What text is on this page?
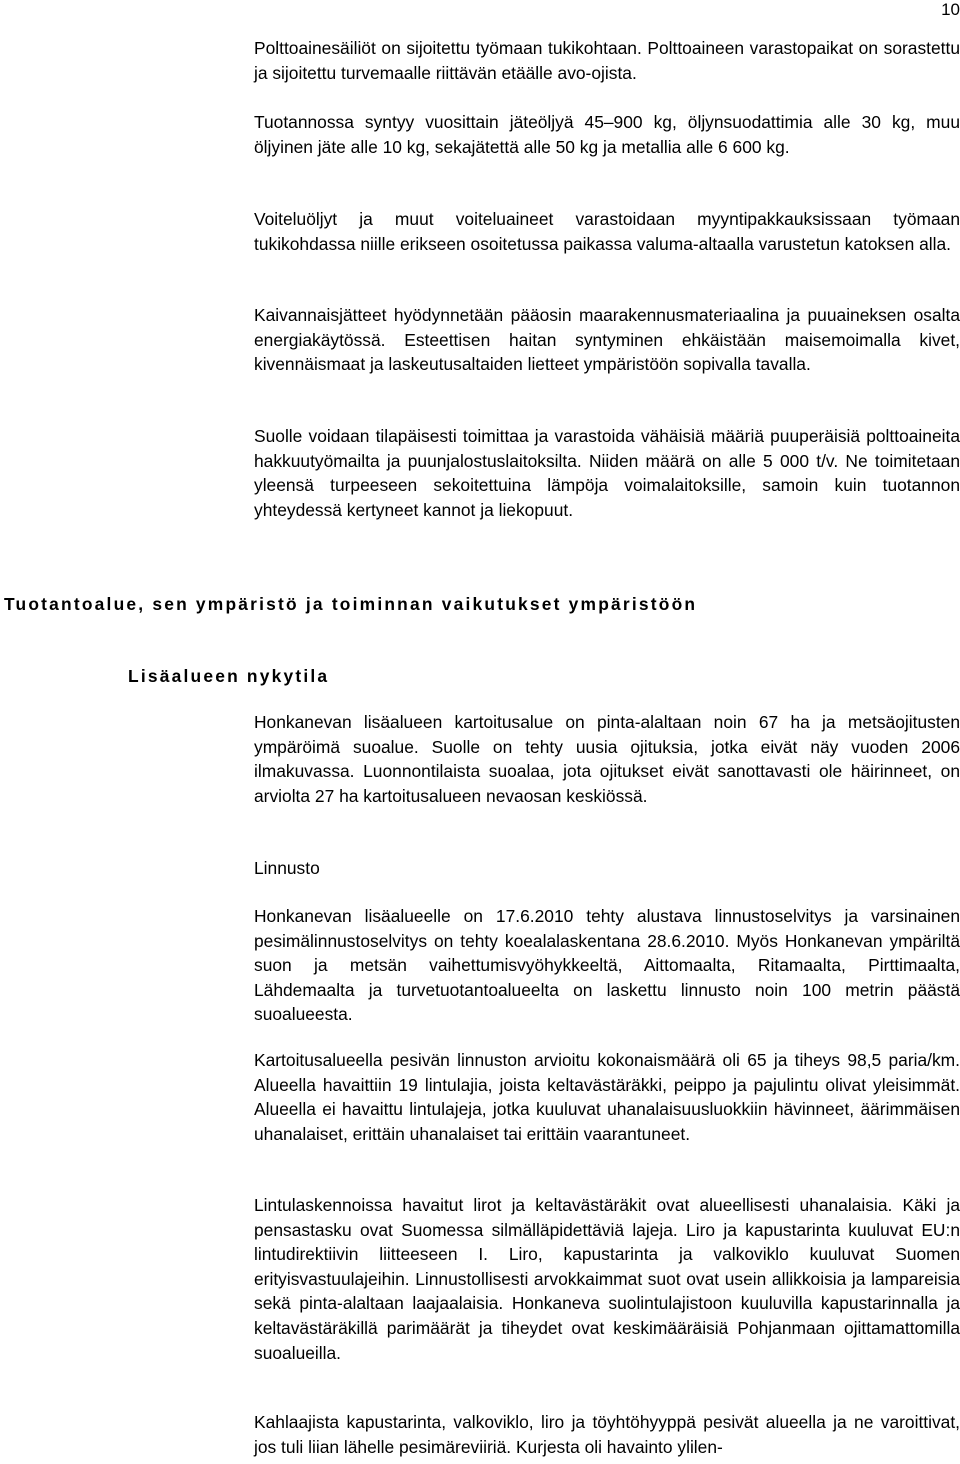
10

Polttoainesäiliöt on sijoitettu työmaan tukikohtaan. Polttoaineen varastopaikat on sorastettu ja sijoitettu turvemaalle riittävän etäälle avo-ojista.

Tuotannossa syntyy vuosittain jäteöljyä 45–900 kg, öljynsuodattimia alle 30 kg, muu öljyinen jäte alle 10 kg, sekajätettä alle 50 kg ja metallia alle 6 600 kg.

Voiteluöljyt ja muut voiteluaineet varastoidaan myyntipakkauksissaan työmaan tukikohdassa niille erikseen osoitetussa paikassa valuma-altaalla varustetun katoksen alla.

Kaivannaisjätteet hyödynnetään pääosin maarakennusmateriaalina ja puuaineksen osalta energiakäytössä. Esteettisen haitan syntyminen ehkäistään maisemoimalla kivet, kivennäismaat ja laskeutusaltaiden lietteet ympäristöön sopivalla tavalla.

Suolle voidaan tilapäisesti toimittaa ja varastoida vähäisiä määriä puuperäisiä polttoaineita hakkuutyömailta ja puunjalostuslaitoksilta. Niiden määrä on alle 5 000 t/v. Ne toimitetaan yleensä turpeeseen sekoitettuina lämpöja voimalaitoksille, samoin kuin tuotannon yhteydessä kertyneet kannot ja liekopuut.

Tuotantoalue, sen ympäristö ja toiminnan vaikutukset ympäristöön
Lisäalueen nykytila

Honkanevan lisäalueen kartoitusalue on pinta-alaltaan noin 67 ha ja metsäojitusten ympäröimä suoalue. Suolle on tehty uusia ojituksia, jotka eivät näy vuoden 2006 ilmakuvassa. Luonnontilaista suoalaa, jota ojitukset eivät sanottavasti ole häirinneet, on arviolta 27 ha kartoitusalueen nevaosan keskiössä.

Linnusto

Honkanevan lisäalueelle on 17.6.2010 tehty alustava linnustoselvitys ja varsinainen pesimälinnustoselvitys on tehty koealalaskentana 28.6.2010. Myös Honkanevan ympäriltä suon ja metsän vaihettumisvyöhykkeeltä, Aittomaalta, Ritamaalta, Pirttimaalta, Lähdemaalta ja turvetuotantoalueelta on laskettu linnusto noin 100 metrin päästä suoalueesta.

Kartoitusalueella pesivän linnuston arvioitu kokonaismäärä oli 65 ja tiheys 98,5 paria/km. Alueella havaittiin 19 lintulajia, joista keltavästäräkki, peippo ja pajulintu olivat yleisimmät. Alueella ei havaittu lintulajeja, jotka kuuluvat uhanalaisuusluokkiin hävinneet, äärimmäisen uhanalaiset, erittäin uhanalaiset tai erittäin vaarantuneet.

Lintulaskennoissa havaitut lirot ja keltavästäräkit ovat alueellisesti uhanalaisia. Käki ja pensastasku ovat Suomessa silmälläpidettäviä lajeja. Liro ja kapustarinta kuuluvat EU:n lintudirektiivin liitteeseen I. Liro, kapustarinta ja valkoviklo kuuluvat Suomen erityisvastuulajeihin. Linnustollisesti arvokkaimmat suot ovat usein allikkoisia ja lampareisia sekä pinta-alaltaan laajaalaisia. Honkaneva suolintulajistoon kuuluvilla kapustarinnalla ja keltavästäräkillä parimäärät ja tiheydet ovat keskimääräisiä Pohjanmaan ojittamattomilla suoalueilla.

Kahlaajista kapustarinta, valkoviklo, liro ja töyhtöhyyppä pesivät alueella ja ne varoittivat, jos tuli liian lähelle pesimäreviiriä. Kurjesta oli havainto ylilen-
